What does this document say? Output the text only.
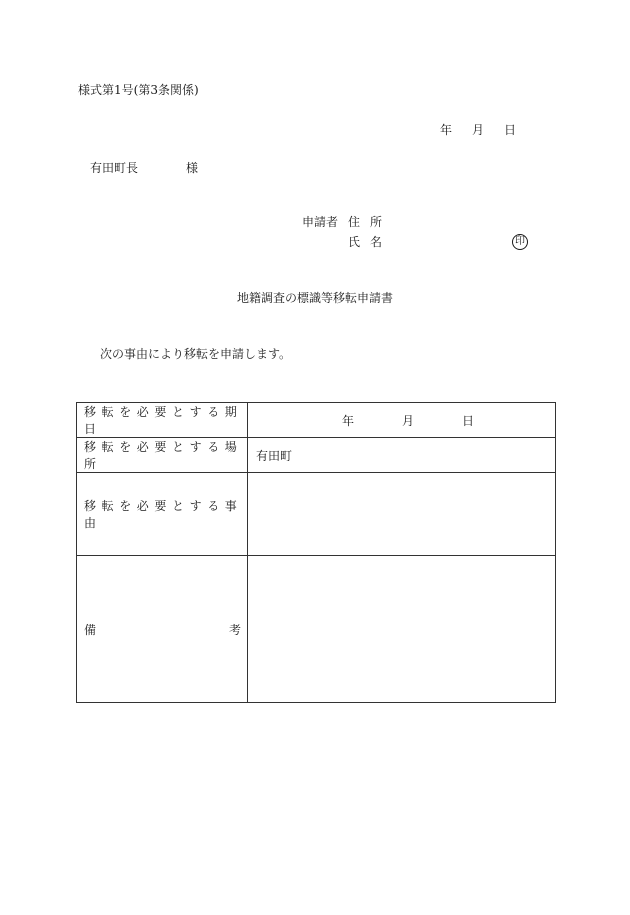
様式第1号(第3条関係)
年 月 日
有田町長	様
申請者 住所
氏名	印
地籍調査の標識等移転申請書
次の事由により移転を申請します。
移転を必要とする期日	年 月 日

移転を必要とする場所	有田町
移転を必要とする事由	

備 考	
